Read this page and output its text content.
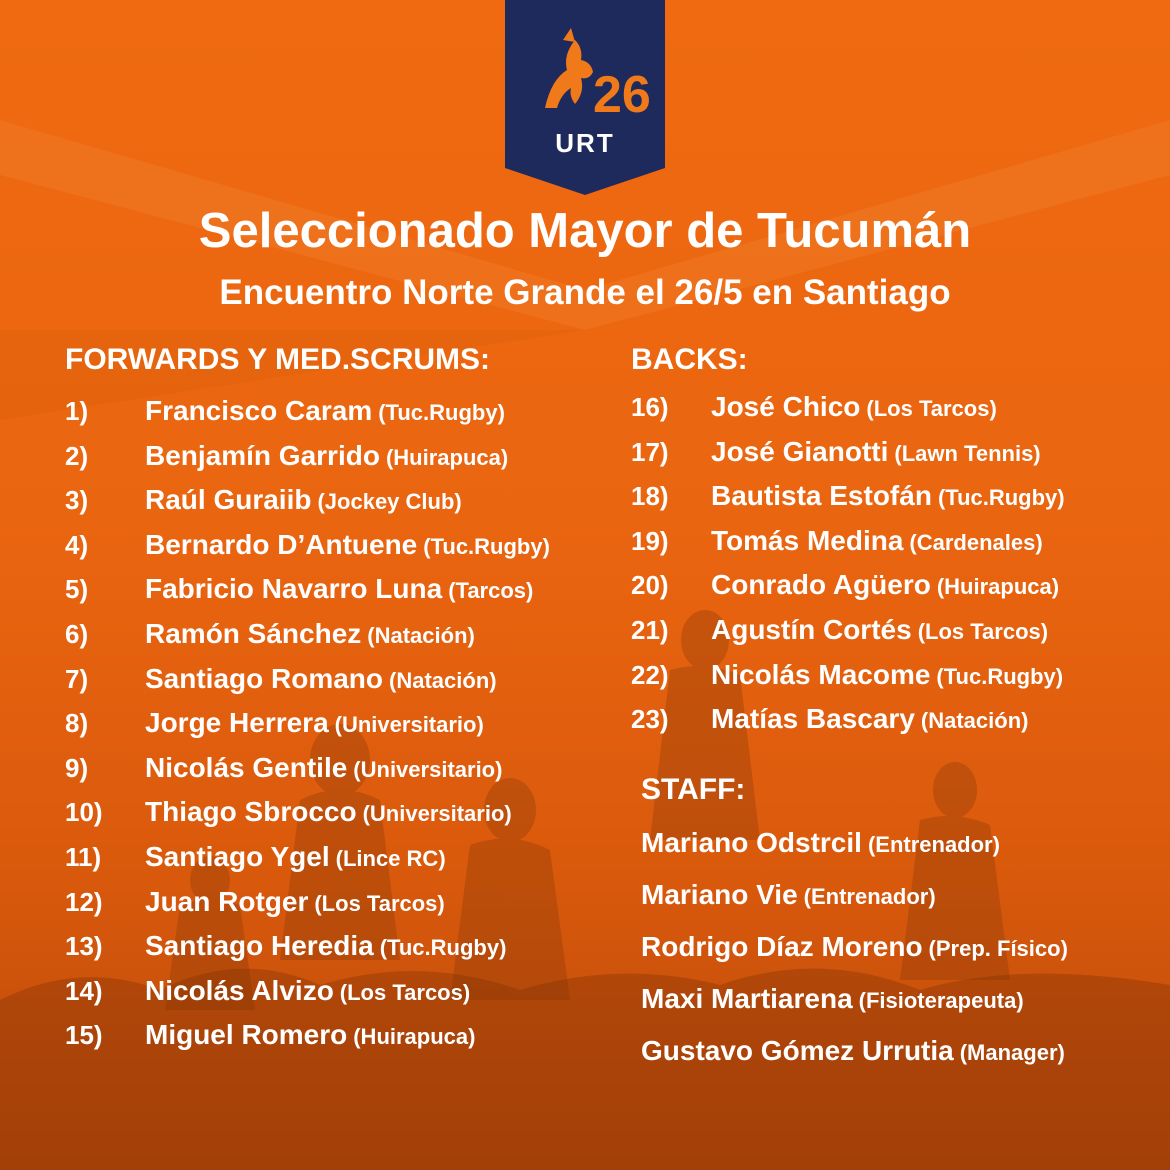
26
URT
Seleccionado Mayor de Tucumán
Encuentro Norte Grande el 26/5 en Santiago
FORWARDS Y MED.SCRUMS:
1) Francisco Caram (Tuc.Rugby)
2) Benjamín Garrido (Huirapuca)
3) Raúl Guraiib (Jockey Club)
4) Bernardo D’Antuene (Tuc.Rugby)
5) Fabricio Navarro Luna (Tarcos)
6) Ramón Sánchez (Natación)
7) Santiago Romano (Natación)
8) Jorge Herrera (Universitario)
9) Nicolás Gentile (Universitario)
10) Thiago Sbrocco (Universitario)
11) Santiago Ygel (Lince RC)
12) Juan Rotger (Los Tarcos)
13) Santiago Heredia (Tuc.Rugby)
14) Nicolás Alvizo (Los Tarcos)
15) Miguel Romero (Huirapuca)
BACKS:
16) José Chico (Los Tarcos)
17) José Gianotti (Lawn Tennis)
18) Bautista Estofán (Tuc.Rugby)
19) Tomás Medina (Cardenales)
20) Conrado Agüero (Huirapuca)
21) Agustín Cortés (Los Tarcos)
22) Nicolás Macome (Tuc.Rugby)
23) Matías Bascary (Natación)
STAFF:
Mariano Odstrcil (Entrenador)
Mariano Vie (Entrenador)
Rodrigo Díaz Moreno (Prep. Físico)
Maxi Martiarena (Fisioterapeuta)
Gustavo Gómez Urrutia (Manager)
